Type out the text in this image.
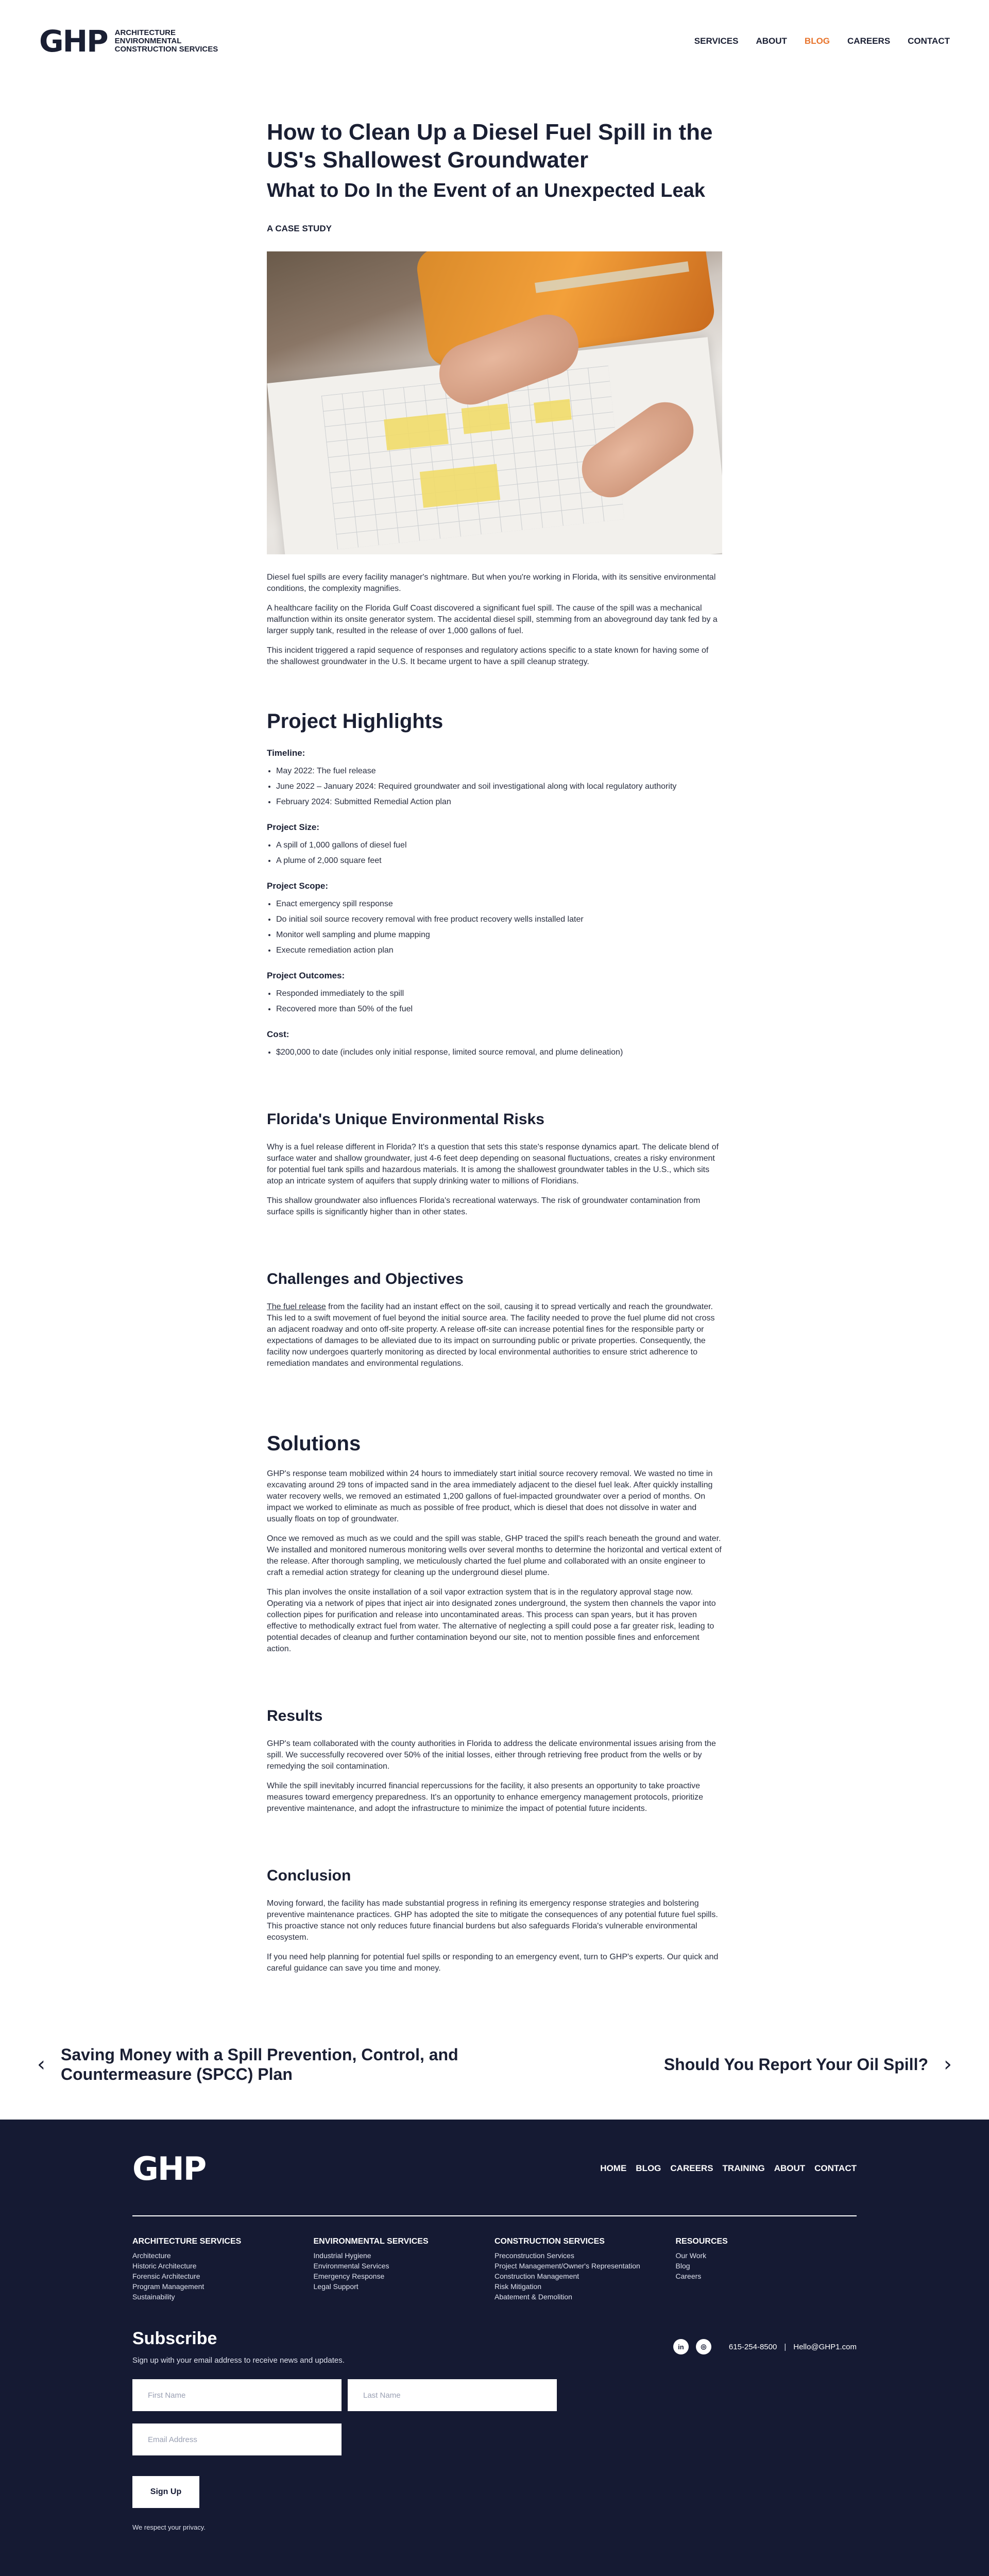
GHP ARCHITECTURE
ENVIRONMENTAL
CONSTRUCTION SERVICES
SERVICES ABOUT BLOG CAREERS CONTACT
How to Clean Up a Diesel Fuel Spill in the US's Shallowest Groundwater
What to Do In the Event of an Unexpected Leak
A CASE STUDY

Diesel fuel spills are every facility manager's nightmare. But when you're working in Florida, with its sensitive environmental conditions, the complexity magnifies.

A healthcare facility on the Florida Gulf Coast discovered a significant fuel spill. The cause of the spill was a mechanical malfunction within its onsite generator system. The accidental diesel spill, stemming from an aboveground day tank fed by a larger supply tank, resulted in the release of over 1,000 gallons of fuel.

This incident triggered a rapid sequence of responses and regulatory actions specific to a state known for having some of the shallowest groundwater in the U.S. It became urgent to have a spill cleanup strategy.

Project Highlights
Timeline:
• May 2022: The fuel release
• June 2022 – January 2024: Required groundwater and soil investigational along with local regulatory authority
• February 2024: Submitted Remedial Action plan
Project Size:
• A spill of 1,000 gallons of diesel fuel
• A plume of 2,000 square feet
Project Scope:
• Enact emergency spill response
• Do initial soil source recovery removal with free product recovery wells installed later
• Monitor well sampling and plume mapping
• Execute remediation action plan
Project Outcomes:
• Responded immediately to the spill
• Recovered more than 50% of the fuel
Cost:
• $200,000 to date (includes only initial response, limited source removal, and plume delineation)
Florida's Unique Environmental Risks

Why is a fuel release different in Florida? It's a question that sets this state's response dynamics apart. The delicate blend of surface water and shallow groundwater, just 4-6 feet deep depending on seasonal fluctuations, creates a risky environment for potential fuel tank spills and hazardous materials. It is among the shallowest groundwater tables in the U.S., which sits atop an intricate system of aquifers that supply drinking water to millions of Floridians.

This shallow groundwater also influences Florida's recreational waterways. The risk of groundwater contamination from surface spills is significantly higher than in other states.

Challenges and Objectives

The fuel release from the facility had an instant effect on the soil, causing it to spread vertically and reach the groundwater. This led to a swift movement of fuel beyond the initial source area. The facility needed to prove the fuel plume did not cross an adjacent roadway and onto off-site property. A release off-site can increase potential fines for the responsible party or expectations of damages to be alleviated due to its impact on surrounding public or private properties. Consequently, the facility now undergoes quarterly monitoring as directed by local environmental authorities to ensure strict adherence to remediation mandates and environmental regulations.

Solutions

GHP's response team mobilized within 24 hours to immediately start initial source recovery removal. We wasted no time in excavating around 29 tons of impacted sand in the area immediately adjacent to the diesel fuel leak. After quickly installing water recovery wells, we removed an estimated 1,200 gallons of fuel-impacted groundwater over a period of months. On impact we worked to eliminate as much as possible of free product, which is diesel that does not dissolve in water and usually floats on top of groundwater.

Once we removed as much as we could and the spill was stable, GHP traced the spill's reach beneath the ground and water. We installed and monitored numerous monitoring wells over several months to determine the horizontal and vertical extent of the release. After thorough sampling, we meticulously charted the fuel plume and collaborated with an onsite engineer to craft a remedial action strategy for cleaning up the underground diesel plume.

This plan involves the onsite installation of a soil vapor extraction system that is in the regulatory approval stage now. Operating via a network of pipes that inject air into designated zones underground, the system then channels the vapor into collection pipes for purification and release into uncontaminated areas. This process can span years, but it has proven effective to methodically extract fuel from water. The alternative of neglecting a spill could pose a far greater risk, leading to potential decades of cleanup and further contamination beyond our site, not to mention possible fines and enforcement action.

Results

GHP's team collaborated with the county authorities in Florida to address the delicate environmental issues arising from the spill. We successfully recovered over 50% of the initial losses, either through retrieving free product from the wells or by remedying the soil contamination.

While the spill inevitably incurred financial repercussions for the facility, it also presents an opportunity to take proactive measures toward emergency preparedness. It's an opportunity to enhance emergency management protocols, prioritize preventive maintenance, and adopt the infrastructure to minimize the impact of potential future incidents.

Conclusion

Moving forward, the facility has made substantial progress in refining its emergency response strategies and bolstering preventive maintenance practices. GHP has adopted the site to mitigate the consequences of any potential future fuel spills. This proactive stance not only reduces future financial burdens but also safeguards Florida's vulnerable environmental ecosystem.

If you need help planning for potential fuel spills or responding to an emergency event, turn to GHP's experts. Our quick and careful guidance can save you time and money.

‹ Saving Money with a Spill Prevention, Control, and Countermeasure (SPCC) Plan
Should You Report Your Oil Spill? ›
GHP	HOME BLOG CAREERS TRAINING ABOUT CONTACT
ARCHITECTURE SERVICES
Architecture
Historic Architecture
Forensic Architecture
Program Management
Sustainability
ENVIRONMENTAL SERVICES
Industrial Hygiene
Environmental Services
Emergency Response
Legal Support
CONSTRUCTION SERVICES
Preconstruction Services
Project Management/Owner's Representation
Construction Management
Risk Mitigation
Abatement & Demolition
RESOURCES
Our Work
Blog
Careers
Subscribe
Sign up with your email address to receive news and updates.
in	◎	615-254-8500 | Hello@GHP1.com
First Name
Last Name
Email Address
Sign Up
We respect your privacy.
